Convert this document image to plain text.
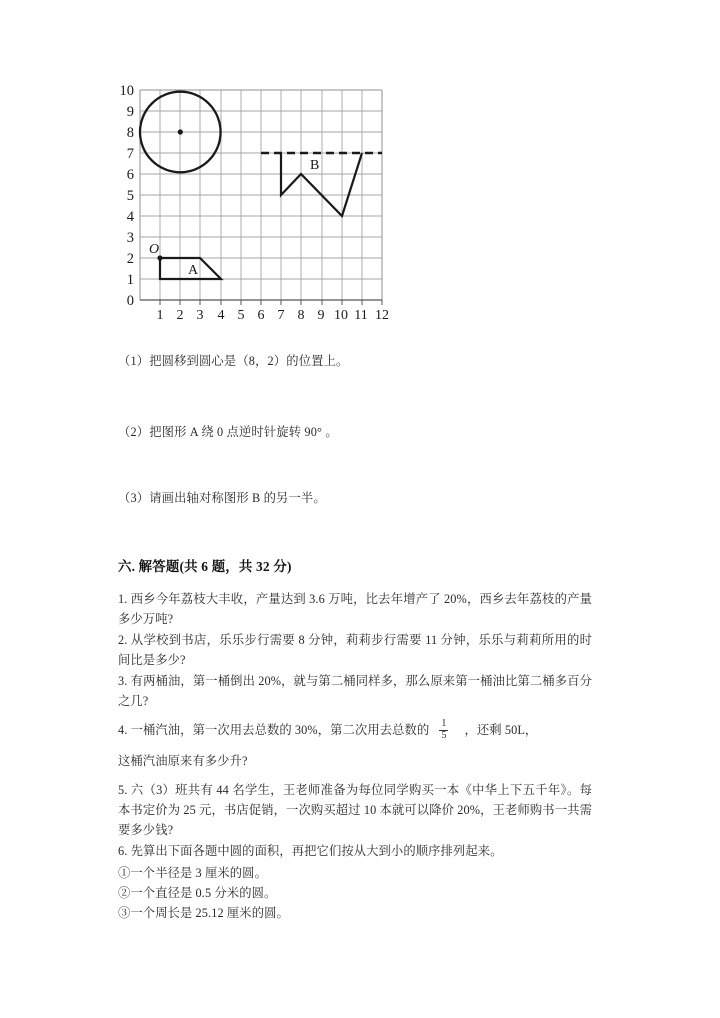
10
9
8
7
6
5
4
3
2
1
0
1 2 3 4 5 6 7 8 9 10 11 12
O
A
B
（1）把圆移到圆心是（8，2）的位置上。
（2）把图形 A 绕 0 点逆时针旋转 90° 。
（3）请画出轴对称图形 B 的另一半。
六. 解答题(共 6 题，共 32 分)

1. 西乡今年荔枝大丰收，产量达到 3.6 万吨，比去年增产了 20%，西乡去年荔枝的产量多少万吨?

2. 从学校到书店，乐乐步行需要 8 分钟，莉莉步行需要 11 分钟，乐乐与莉莉所用的时间比是多少?

3. 有两桶油，第一桶倒出 20%，就与第二桶同样多，那么原来第一桶油比第二桶多百分之几?

4. 一桶汽油，第一次用去总数的 30%，第二次用去总数的 $\frac{1}{5}$ ，还剩 50L，

这桶汽油原来有多少升?

5. 六（3）班共有 44 名学生，王老师准备为每位同学购买一本《中华上下五千年》。每本书定价为 25 元，书店促销，一次购买超过 10 本就可以降价 20%，王老师购书一共需要多少钱?

6. 先算出下面各题中圆的面积，再把它们按从大到小的顺序排列起来。

①一个半径是 3 厘米的圆。
②一个直径是 0.5 分米的圆。
③一个周长是 25.12 厘米的圆。
